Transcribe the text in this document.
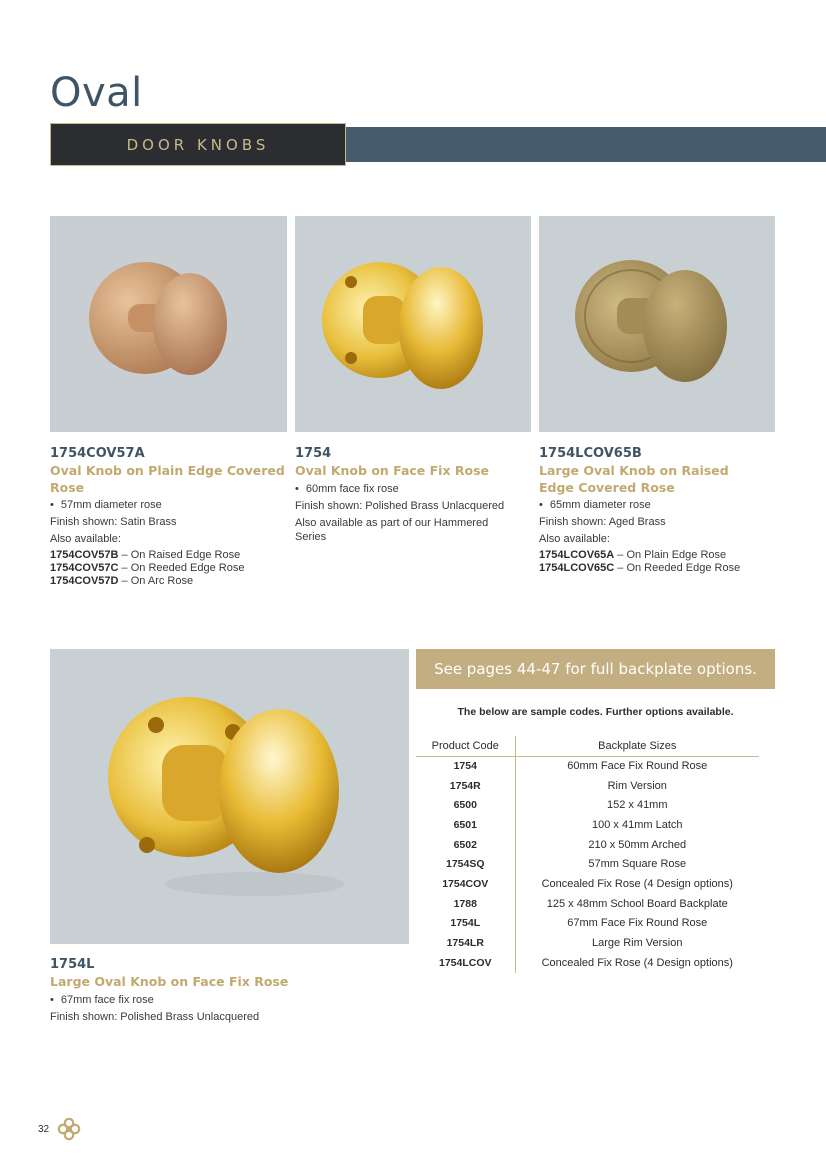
Oval
DOOR KNOBS
1754COV57A
Oval Knob on Plain Edge Covered Rose
• 57mm diameter rose

Finish shown: Satin Brass

Also available:

1754COV57B – On Raised Edge Rose
1754COV57C – On Reeded Edge Rose
1754COV57D – On Arc Rose
1754
Oval Knob on Face Fix Rose
• 60mm face fix rose

Finish shown: Polished Brass Unlacquered

Also available as part of our Hammered Series

1754LCOV65B
Large Oval Knob on Raised Edge Covered Rose
• 65mm diameter rose

Finish shown: Aged Brass

Also available:

1754LCOV65A – On Plain Edge Rose
1754LCOV65C – On Reeded Edge Rose
1754L
Large Oval Knob on Face Fix Rose
• 67mm face fix rose

Finish shown: Polished Brass Unlacquered

See pages 44-47 for full backplate options.
The below are sample codes. Further options available.
Product Code	Backplate Sizes
1754	60mm Face Fix Round Rose
1754R	Rim Version
6500	152 x 41mm
6501	100 x 41mm Latch
6502	210 x 50mm Arched
1754SQ	57mm Square Rose
1754COV	Concealed Fix Rose (4 Design options)
1788	125 x 48mm School Board Backplate
1754L	67mm Face Fix Round Rose
1754LR	Large Rim Version
1754LCOV	Concealed Fix Rose (4 Design options)
32
